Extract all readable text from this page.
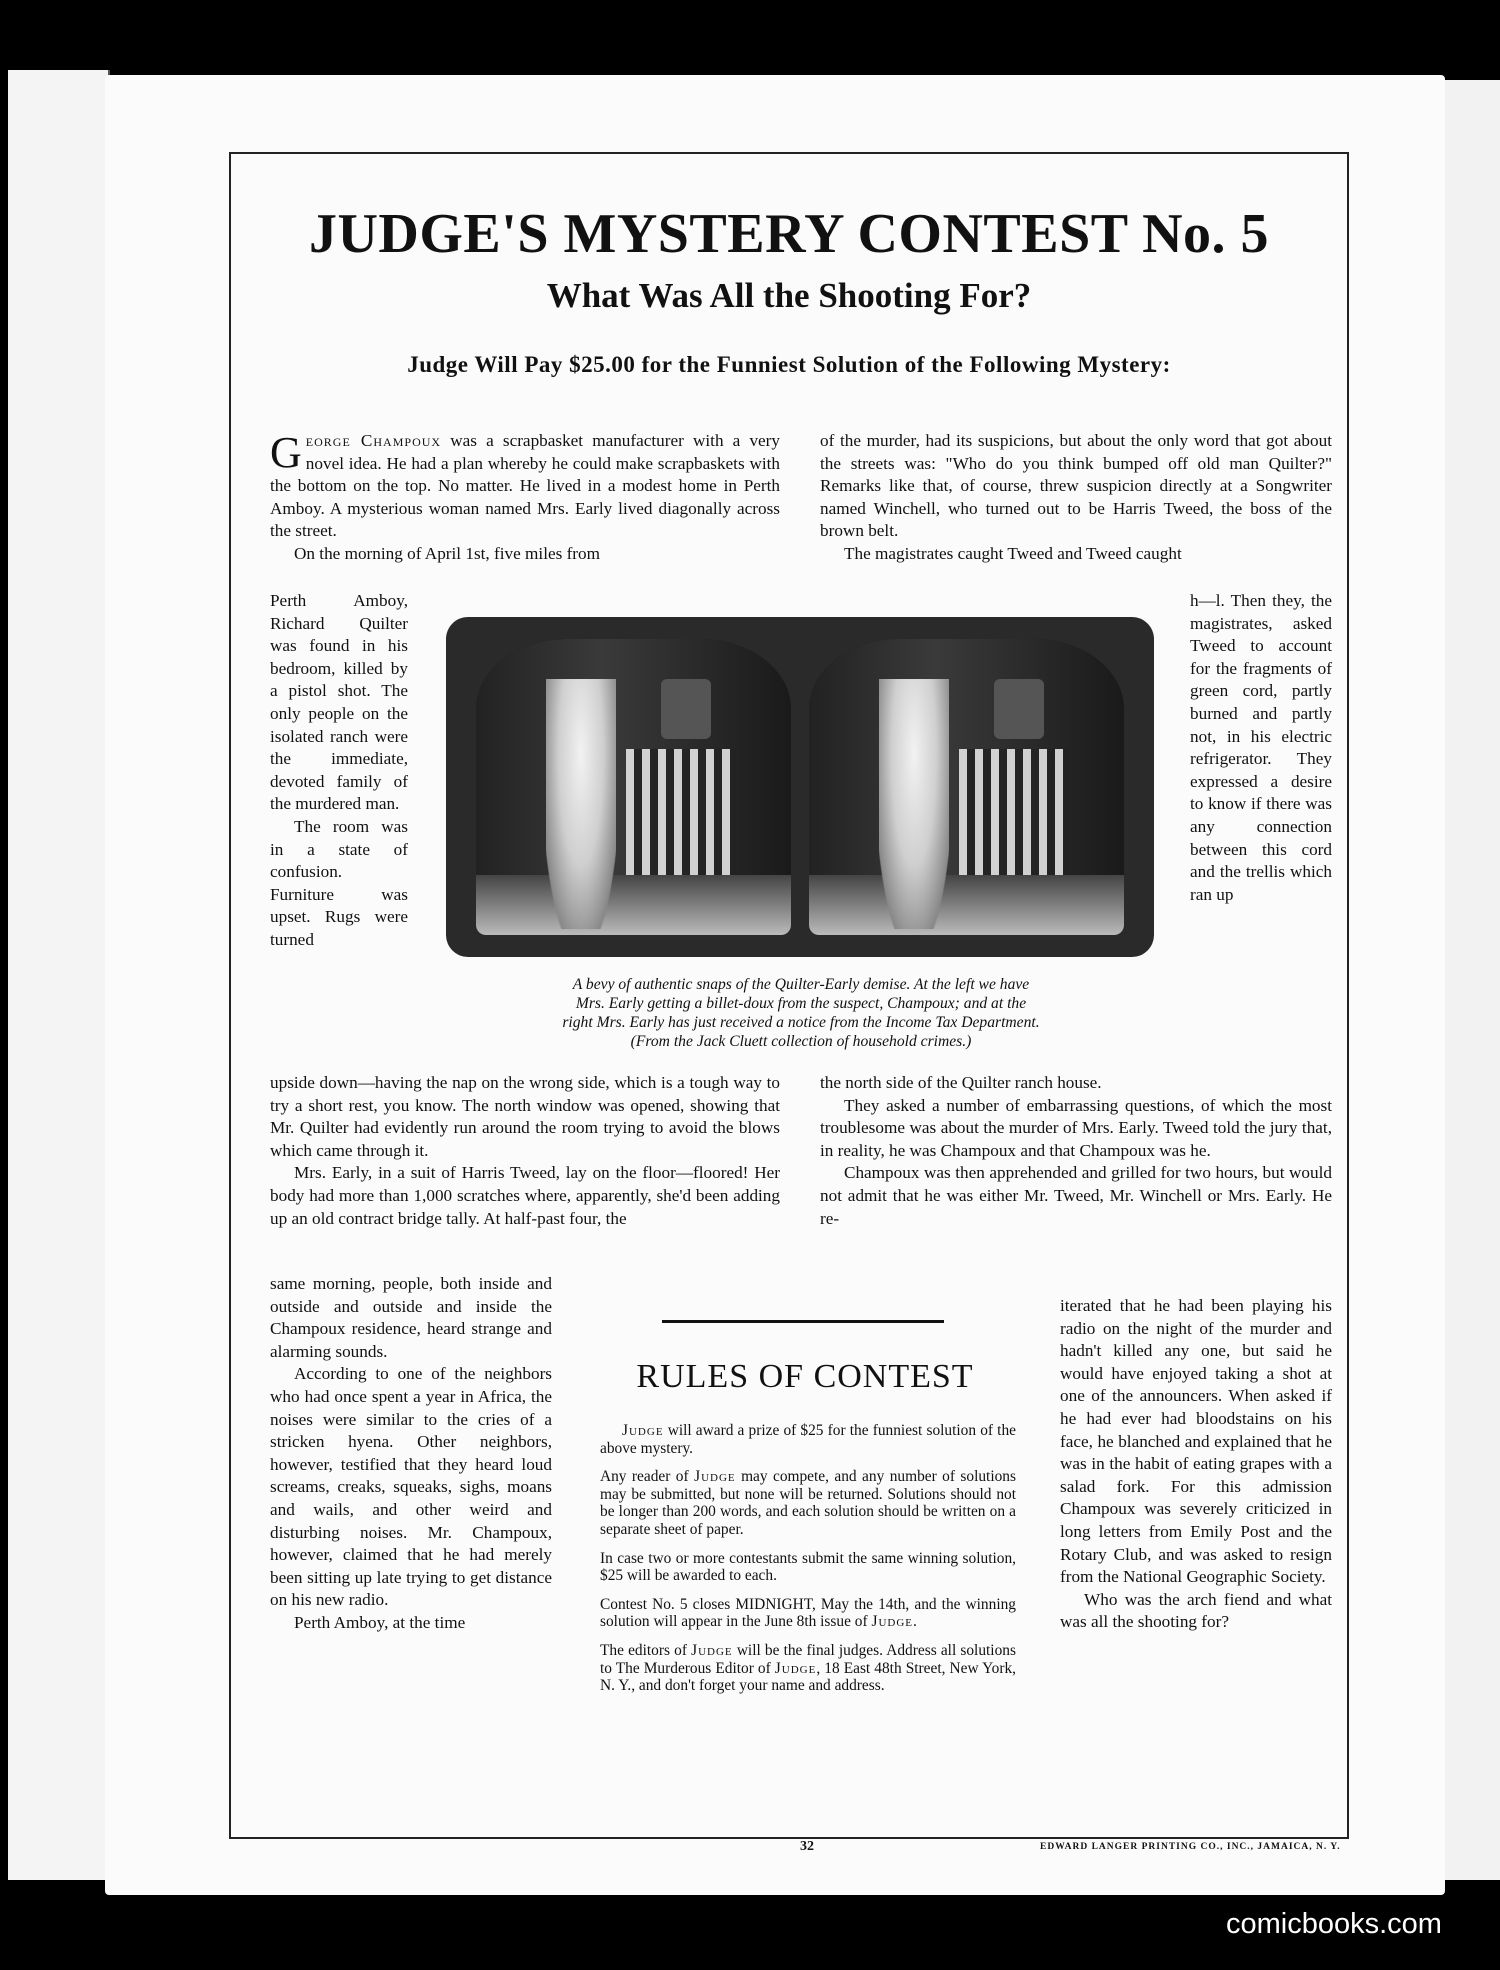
JUDGE'S MYSTERY CONTEST No. 5
What Was All the Shooting For?
Judge Will Pay $25.00 for the Funniest Solution of the Following Mystery:

George Champoux was a scrapbasket manufacturer with a very novel idea. He had a plan whereby he could make scrapbaskets with the bottom on the top. No matter. He lived in a modest home in Perth Amboy. A mysterious woman named Mrs. Early lived diagonally across the street.

On the morning of April 1st, five miles from

Perth Amboy, Richard Quilter was found in his bedroom, killed by a pistol shot. The only people on the isolated ranch were the immediate, devoted family of the murdered man.

The room was in a state of confusion. Furniture was upset. Rugs were turned

upside down—having the nap on the wrong side, which is a tough way to try a short rest, you know. The north window was opened, showing that Mr. Quilter had evidently run around the room trying to avoid the blows which came through it.

Mrs. Early, in a suit of Harris Tweed, lay on the floor—floored! Her body had more than 1,000 scratches where, apparently, she'd been adding up an old contract bridge tally. At half-past four, the

same morning, people, both inside and outside and outside and inside the Champoux residence, heard strange and alarming sounds.

According to one of the neighbors who had once spent a year in Africa, the noises were similar to the cries of a stricken hyena. Other neighbors, however, testified that they heard loud screams, creaks, squeaks, sighs, moans and wails, and other weird and disturbing noises. Mr. Champoux, however, claimed that he had merely been sitting up late trying to get distance on his new radio.

Perth Amboy, at the time

of the murder, had its suspicions, but about the only word that got about the streets was: "Who do you think bumped off old man Quilter?" Remarks like that, of course, threw suspicion directly at a Songwriter named Winchell, who turned out to be Harris Tweed, the boss of the brown belt.

The magistrates caught Tweed and Tweed caught

h—l. Then they, the magistrates, asked Tweed to account for the fragments of green cord, partly burned and partly not, in his electric refrigerator. They expressed a desire to know if there was any connection between this cord and the trellis which ran up

the north side of the Quilter ranch house.

They asked a number of embarrassing questions, of which the most troublesome was about the murder of Mrs. Early. Tweed told the jury that, in reality, he was Champoux and that Champoux was he.

Champoux was then apprehended and grilled for two hours, but would not admit that he was either Mr. Tweed, Mr. Winchell or Mrs. Early. He re-

iterated that he had been playing his radio on the night of the murder and hadn't killed any one, but said he would have enjoyed taking a shot at one of the announcers. When asked if he had ever had bloodstains on his face, he blanched and explained that he was in the habit of eating grapes with a salad fork. For this admission Champoux was severely criticized in long letters from Emily Post and the Rotary Club, and was asked to resign from the National Geographic Society.

Who was the arch fiend and what was all the shooting for?

A bevy of authentic snaps of the Quilter-Early demise. At the left we have
Mrs. Early getting a billet-doux from the suspect, Champoux; and at the
right Mrs. Early has just received a notice from the Income Tax Department.
(From the Jack Cluett collection of household crimes.)
RULES OF CONTEST

Judge will award a prize of $25 for the funniest solution of the above mystery.

Any reader of Judge may compete, and any number of solutions may be submitted, but none will be returned. Solutions should not be longer than 200 words, and each solution should be written on a separate sheet of paper.

In case two or more contestants submit the same winning solution, $25 will be awarded to each.

Contest No. 5 closes MIDNIGHT, May the 14th, and the winning solution will appear in the June 8th issue of Judge.

The editors of Judge will be the final judges. Address all solutions to The Murderous Editor of Judge, 18 East 48th Street, New York, N. Y., and don't forget your name and address.

32	EDWARD LANGER PRINTING CO., INC., JAMAICA, N. Y.
comicbooks.com
